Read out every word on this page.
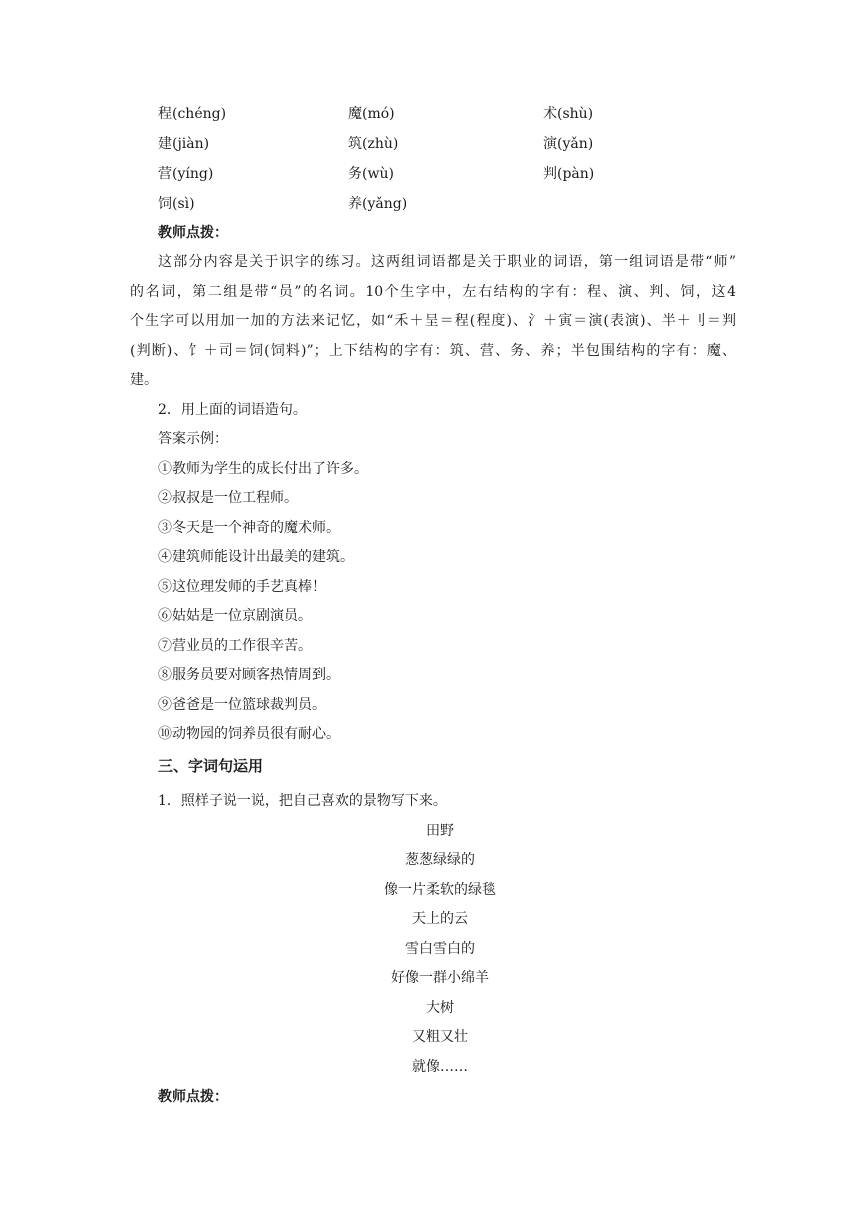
程(chéng)	魔(mó)	术(shù)
建(jiàn)	筑(zhù)	演(yǎn)
营(yíng)	务(wù)	判(pàn)
饲(sì)	养(yǎng)
教师点拨：
这部分内容是关于识字的练习。这两组词语都是关于职业的词语，第一组词语是带“师”
的名词，第二组是带“员”的名词。10个生字中，左右结构的字有：程、演、判、饲，这4
个生字可以用加一加的方法来记忆，如“禾＋呈＝程(程度)、氵＋寅＝演(表演)、半＋刂＝判
(判断)、饣＋司＝饲(饲料)”；上下结构的字有：筑、营、务、养；半包围结构的字有：魔、
建。
2．用上面的词语造句。
答案示例：
①教师为学生的成长付出了许多。
②叔叔是一位工程师。
③冬天是一个神奇的魔术师。
④建筑师能设计出最美的建筑。
⑤这位理发师的手艺真棒！
⑥姑姑是一位京剧演员。
⑦营业员的工作很辛苦。
⑧服务员要对顾客热情周到。
⑨爸爸是一位篮球裁判员。
⑩动物园的饲养员很有耐心。
三、字词句运用
1．照样子说一说，把自己喜欢的景物写下来。
田野
葱葱绿绿的
像一片柔软的绿毯
天上的云
雪白雪白的
好像一群小绵羊
大树
又粗又壮
就像……
教师点拨：
